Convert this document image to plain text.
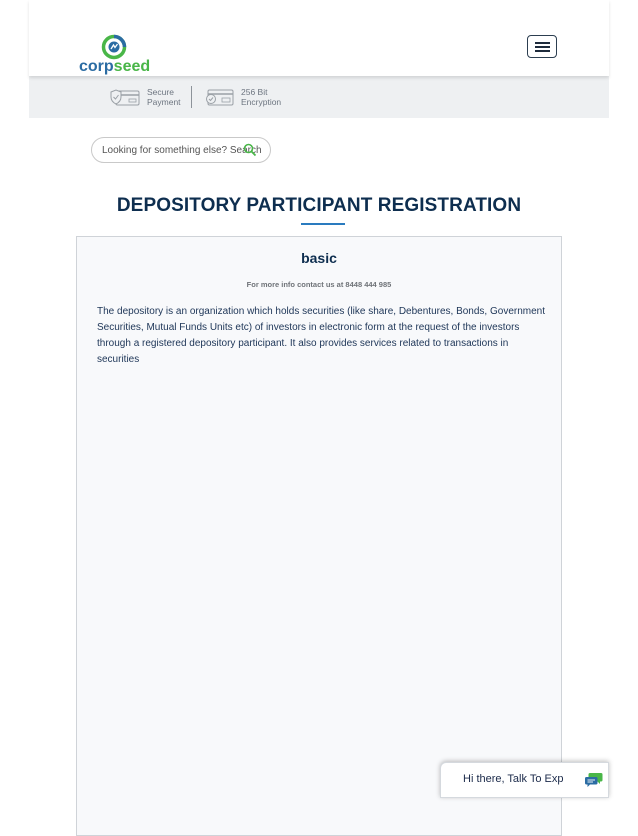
corpseed
Secure
Payment
256 Bit
Encryption
Looking for something else? Search
DEPOSITORY PARTICIPANT REGISTRATION
basic
For more info contact us at 8448 444 985

The depository is an organization which holds securities (like share, Debentures, Bonds, Government Securities, Mutual Funds Units etc) of investors in electronic form at the request of the investors through a registered depository participant. It also provides services related to transactions in securities

Hi there, Talk To Exp
